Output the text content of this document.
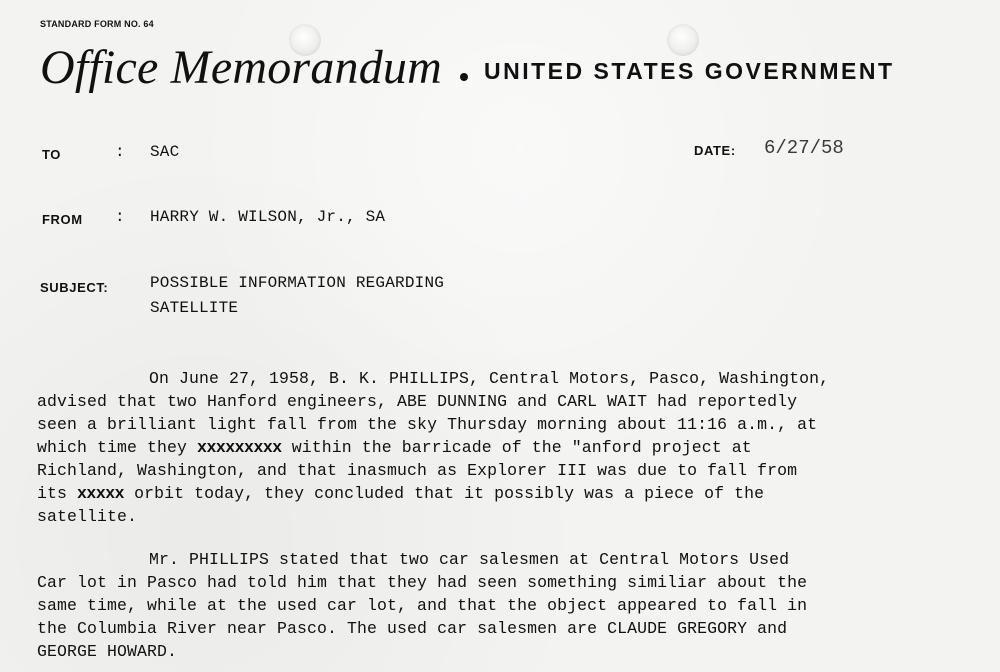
STANDARD FORM NO. 64
Office Memorandum UNITED STATES GOVERNMENT
TO	: SAC	DATE: 6/27/58
FROM : HARRY W. WILSON, Jr., SA
SUBJECT:	POSSIBLE INFORMATION REGARDING
SATELLITE
On June 27, 1958, B. K. PHILLIPS, Central Motors, Pasco, Washington,
advised that two Hanford engineers, ABE DUNNING and CARL WAIT had reportedly
seen a brilliant light fall from the sky Thursday morning about 11:16 a.m., at
which time they xxxxxxxxx within the barricade of the "anford project at
Richland, Washington, and that inasmuch as Explorer III was due to fall from
its xxxxx orbit today, they concluded that it possibly was a piece of the
satellite.
Mr. PHILLIPS stated that two car salesmen at Central Motors Used
Car lot in Pasco had told him that they had seen something similiar about the
same time, while at the used car lot, and that the object appeared to fall in
the Columbia River near Pasco. The used car salesmen are CLAUDE GREGORY and
GEORGE HOWARD.
